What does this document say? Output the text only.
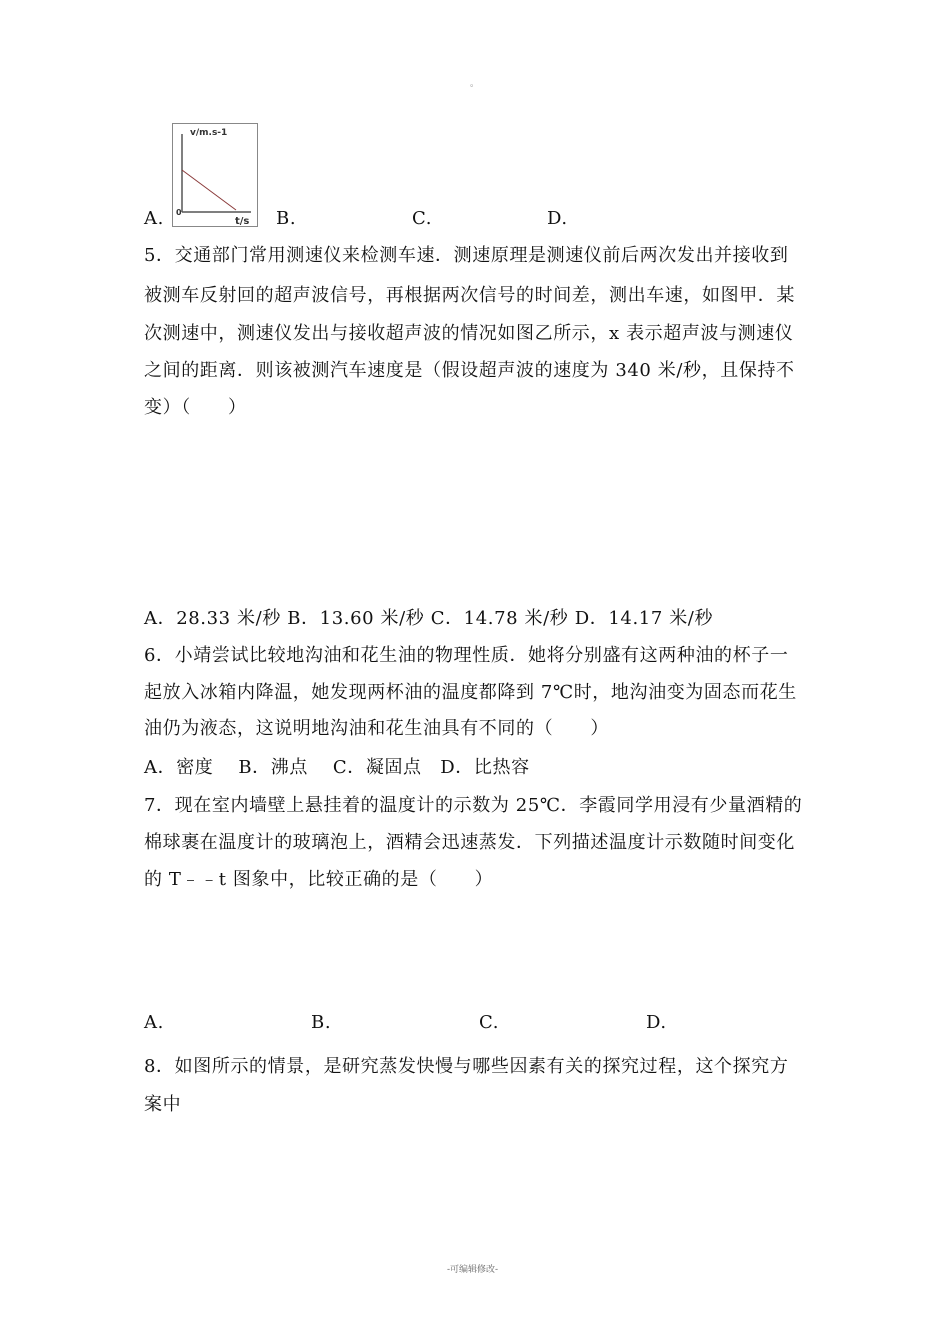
。
A.
v/m.s-1
0
t/s B.	C.	D.
5．交通部门常用测速仪来检测车速．测速原理是测速仪前后两次发出并接收到
被测车反射回的超声波信号，再根据两次信号的时间差，测出车速，如图甲．某
次测速中，测速仪发出与接收超声波的情况如图乙所示，x 表示超声波与测速仪
之间的距离．则该被测汽车速度是（假设超声波的速度为 340 米/秒，且保持不
变）（　　）
A．28.33 米/秒 B．13.60 米/秒 C．14.78 米/秒 D．14.17 米/秒
6．小靖尝试比较地沟油和花生油的物理性质．她将分别盛有这两种油的杯子一
起放入冰箱内降温，她发现两杯油的温度都降到 7℃时，地沟油变为固态而花生
油仍为液态，这说明地沟油和花生油具有不同的（　　）
A．密度　 B．沸点　 C．凝固点　D．比热容
7．现在室内墙壁上悬挂着的温度计的示数为 25℃．李霞同学用浸有少量酒精的
棉球裹在温度计的玻璃泡上，酒精会迅速蒸发．下列描述温度计示数随时间变化
的 T﹣﹣t 图象中，比较正确的是（　　）
A.	B.	C.	D.
8．如图所示的情景，是研究蒸发快慢与哪些因素有关的探究过程，这个探究方
案中
-可编辑修改-
